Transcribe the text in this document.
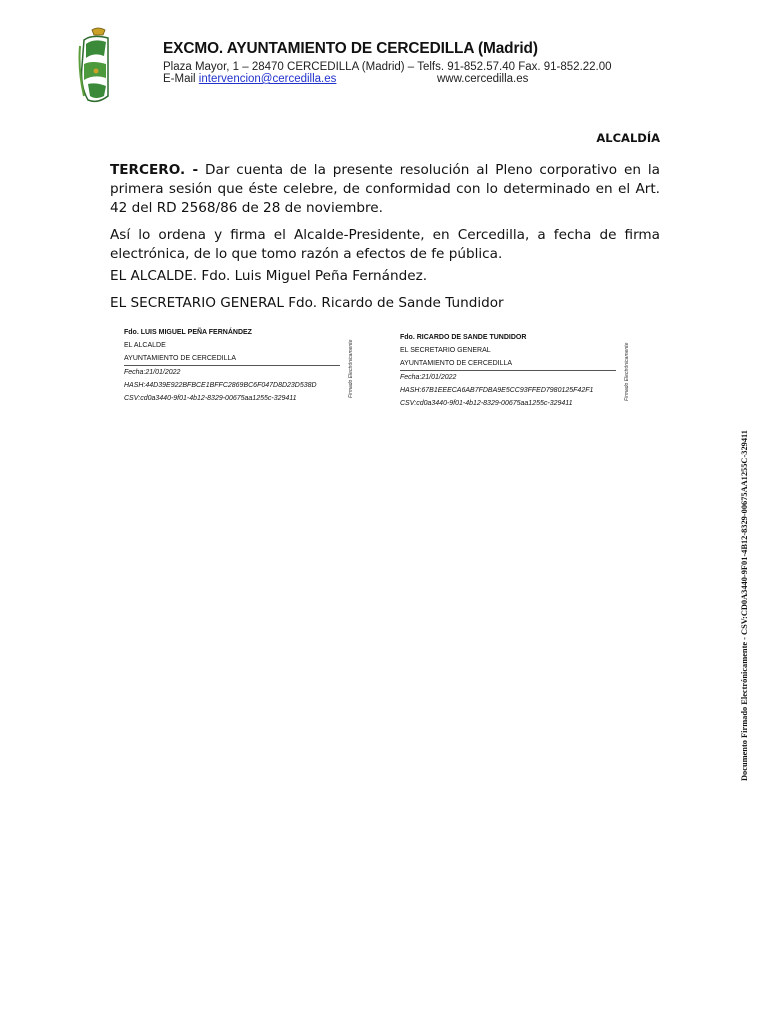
EXCMO. AYUNTAMIENTO DE CERCEDILLA (Madrid)
Plaza Mayor, 1 – 28470 CERCEDILLA (Madrid) – Telfs. 91-852.57.40 Fax. 91-852.22.00
E-Mail intervencion@cercedilla.es	www.cercedilla.es
ALCALDÍA
TERCERO. - Dar cuenta de la presente resolución al Pleno corporativo en la primera sesión que éste celebre, de conformidad con lo determinado en el Art. 42 del RD 2568/86 de 28 de noviembre.
Así lo ordena y firma el Alcalde-Presidente, en Cercedilla, a fecha de firma electrónica, de lo que tomo razón a efectos de fe pública.
EL ALCALDE. Fdo. Luis Miguel Peña Fernández.
EL SECRETARIO GENERAL Fdo. Ricardo de Sande Tundidor
Fdo. LUIS MIGUEL PEÑA FERNÁNDEZ
EL ALCALDE
AYUNTAMIENTO DE CERCEDILLA
Fecha:21/01/2022
HASH:44D39E922BFBCE1BFFC2869BC6F047D8D23D538D
CSV:cd0a3440-9f01-4b12-8329-00675aa1255c-329411
Firmado Electrónicamente
Fdo. RICARDO DE SANDE TUNDIDOR
EL SECRETARIO GENERAL
AYUNTAMIENTO DE CERCEDILLA
Fecha:21/01/2022
HASH:67B1EEECA6AB7FDBA9E5CC93FFED7980125F42F1
CSV:cd0a3440-9f01-4b12-8329-00675aa1255c-329411
Firmado Electrónicamente
Documento Firmado Electrónicamente - CSV:CD0A3440-9F01-4B12-8329-00675AA1255C-329411
